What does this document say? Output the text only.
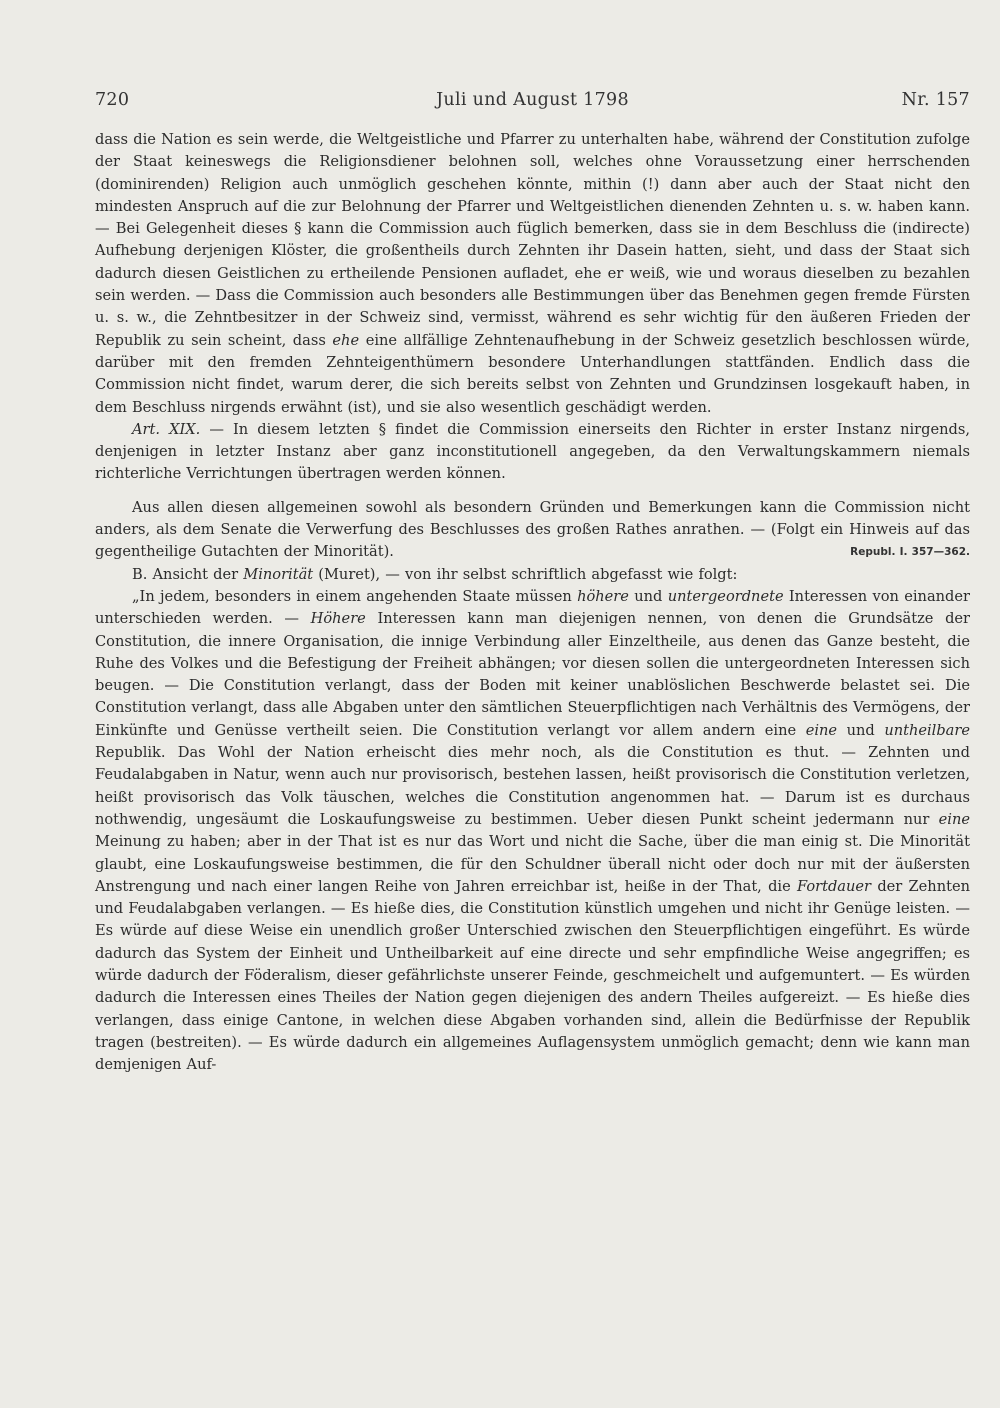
720	Juli und August 1798	Nr. 157

dass die Nation es sein werde, die Weltgeistliche und Pfarrer zu unterhalten habe, während der Constitution zufolge der Staat keineswegs die Religionsdiener belohnen soll, welches ohne Voraussetzung einer herrschenden (dominirenden) Religion auch unmöglich geschehen könnte, mithin (!) dann aber auch der Staat nicht den mindesten Anspruch auf die zur Belohnung der Pfarrer und Weltgeistlichen dienenden Zehnten u. s. w. haben kann. — Bei Gelegenheit dieses § kann die Commission auch füglich bemerken, dass sie in dem Beschluss die (indirecte) Aufhebung derjenigen Klöster, die großentheils durch Zehnten ihr Dasein hatten, sieht, und dass der Staat sich dadurch diesen Geistlichen zu ertheilende Pensionen aufladet, ehe er weiß, wie und woraus dieselben zu bezahlen sein werden. — Dass die Commission auch besonders alle Bestimmungen über das Benehmen gegen fremde Fürsten u. s. w., die Zehntbesitzer in der Schweiz sind, vermisst, während es sehr wichtig für den äußeren Frieden der Republik zu sein scheint, dass ehe eine allfällige Zehntenaufhebung in der Schweiz gesetzlich beschlossen würde, darüber mit den fremden Zehnteigenthümern besondere Unterhandlungen stattfänden. Endlich dass die Commission nicht findet, warum derer, die sich bereits selbst von Zehnten und Grundzinsen losgekauft haben, in dem Beschluss nirgends erwähnt (ist), und sie also wesentlich geschädigt werden.

Art. XIX. — In diesem letzten § findet die Commission einerseits den Richter in erster Instanz nirgends, denjenigen in letzter Instanz aber ganz inconstitutionell angegeben, da den Verwaltungskammern niemals richterliche Verrichtungen übertragen werden können.

Aus allen diesen allgemeinen sowohl als besondern Gründen und Bemerkungen kann die Commission nicht anders, als dem Senate die Verwerfung des Beschlusses des großen Rathes anrathen. — (Folgt ein Hinweis auf das gegentheilige Gutachten der Minorität).	Republ. I. 357—362.

B. Ansicht der Minorität (Muret), — von ihr selbst schriftlich abgefasst wie folgt:

„In jedem, besonders in einem angehenden Staate müssen höhere und untergeordnete Interessen von einander unterschieden werden. — Höhere Interessen kann man diejenigen nennen, von denen die Grundsätze der Constitution, die innere Organisation, die innige Verbindung aller Einzeltheile, aus denen das Ganze besteht, die Ruhe des Volkes und die Befestigung der Freiheit abhängen; vor diesen sollen die untergeordneten Interessen sich beugen. — Die Constitution verlangt, dass der Boden mit keiner unablöslichen Beschwerde belastet sei. Die Constitution verlangt, dass alle Abgaben unter den sämtlichen Steuerpflichtigen nach Verhältnis des Vermögens, der Einkünfte und Genüsse vertheilt seien. Die Constitution verlangt vor allem andern eine eine und untheilbare Republik. Das Wohl der Nation erheischt dies mehr noch, als die Constitution es thut. — Zehnten und Feudalabgaben in Natur, wenn auch nur provisorisch, bestehen lassen, heißt provisorisch die Constitution verletzen, heißt provisorisch das Volk täuschen, welches die Constitution angenommen hat. — Darum ist es durchaus nothwendig, ungesäumt die Loskaufungsweise zu bestimmen. Ueber diesen Punkt scheint jedermann nur eine Meinung zu haben; aber in der That ist es nur das Wort und nicht die Sache, über die man einig st. Die Minorität glaubt, eine Loskaufungsweise bestimmen, die für den Schuldner überall nicht oder doch nur mit der äußersten Anstrengung und nach einer langen Reihe von Jahren erreichbar ist, heiße in der That, die Fortdauer der Zehnten und Feudalabgaben verlangen. — Es hieße dies, die Constitution künstlich umgehen und nicht ihr Genüge leisten. — Es würde auf diese Weise ein unendlich großer Unterschied zwischen den Steuerpflichtigen eingeführt. Es würde dadurch das System der Einheit und Untheilbarkeit auf eine directe und sehr empfindliche Weise angegriffen; es würde dadurch der Föderalism, dieser gefährlichste unserer Feinde, geschmeichelt und aufgemuntert. — Es würden dadurch die Interessen eines Theiles der Nation gegen diejenigen des andern Theiles aufgereizt. — Es hieße dies verlangen, dass einige Cantone, in welchen diese Abgaben vorhanden sind, allein die Bedürfnisse der Republik tragen (bestreiten). — Es würde dadurch ein allgemeines Auflagensystem unmöglich gemacht; denn wie kann man demjenigen Auf-
